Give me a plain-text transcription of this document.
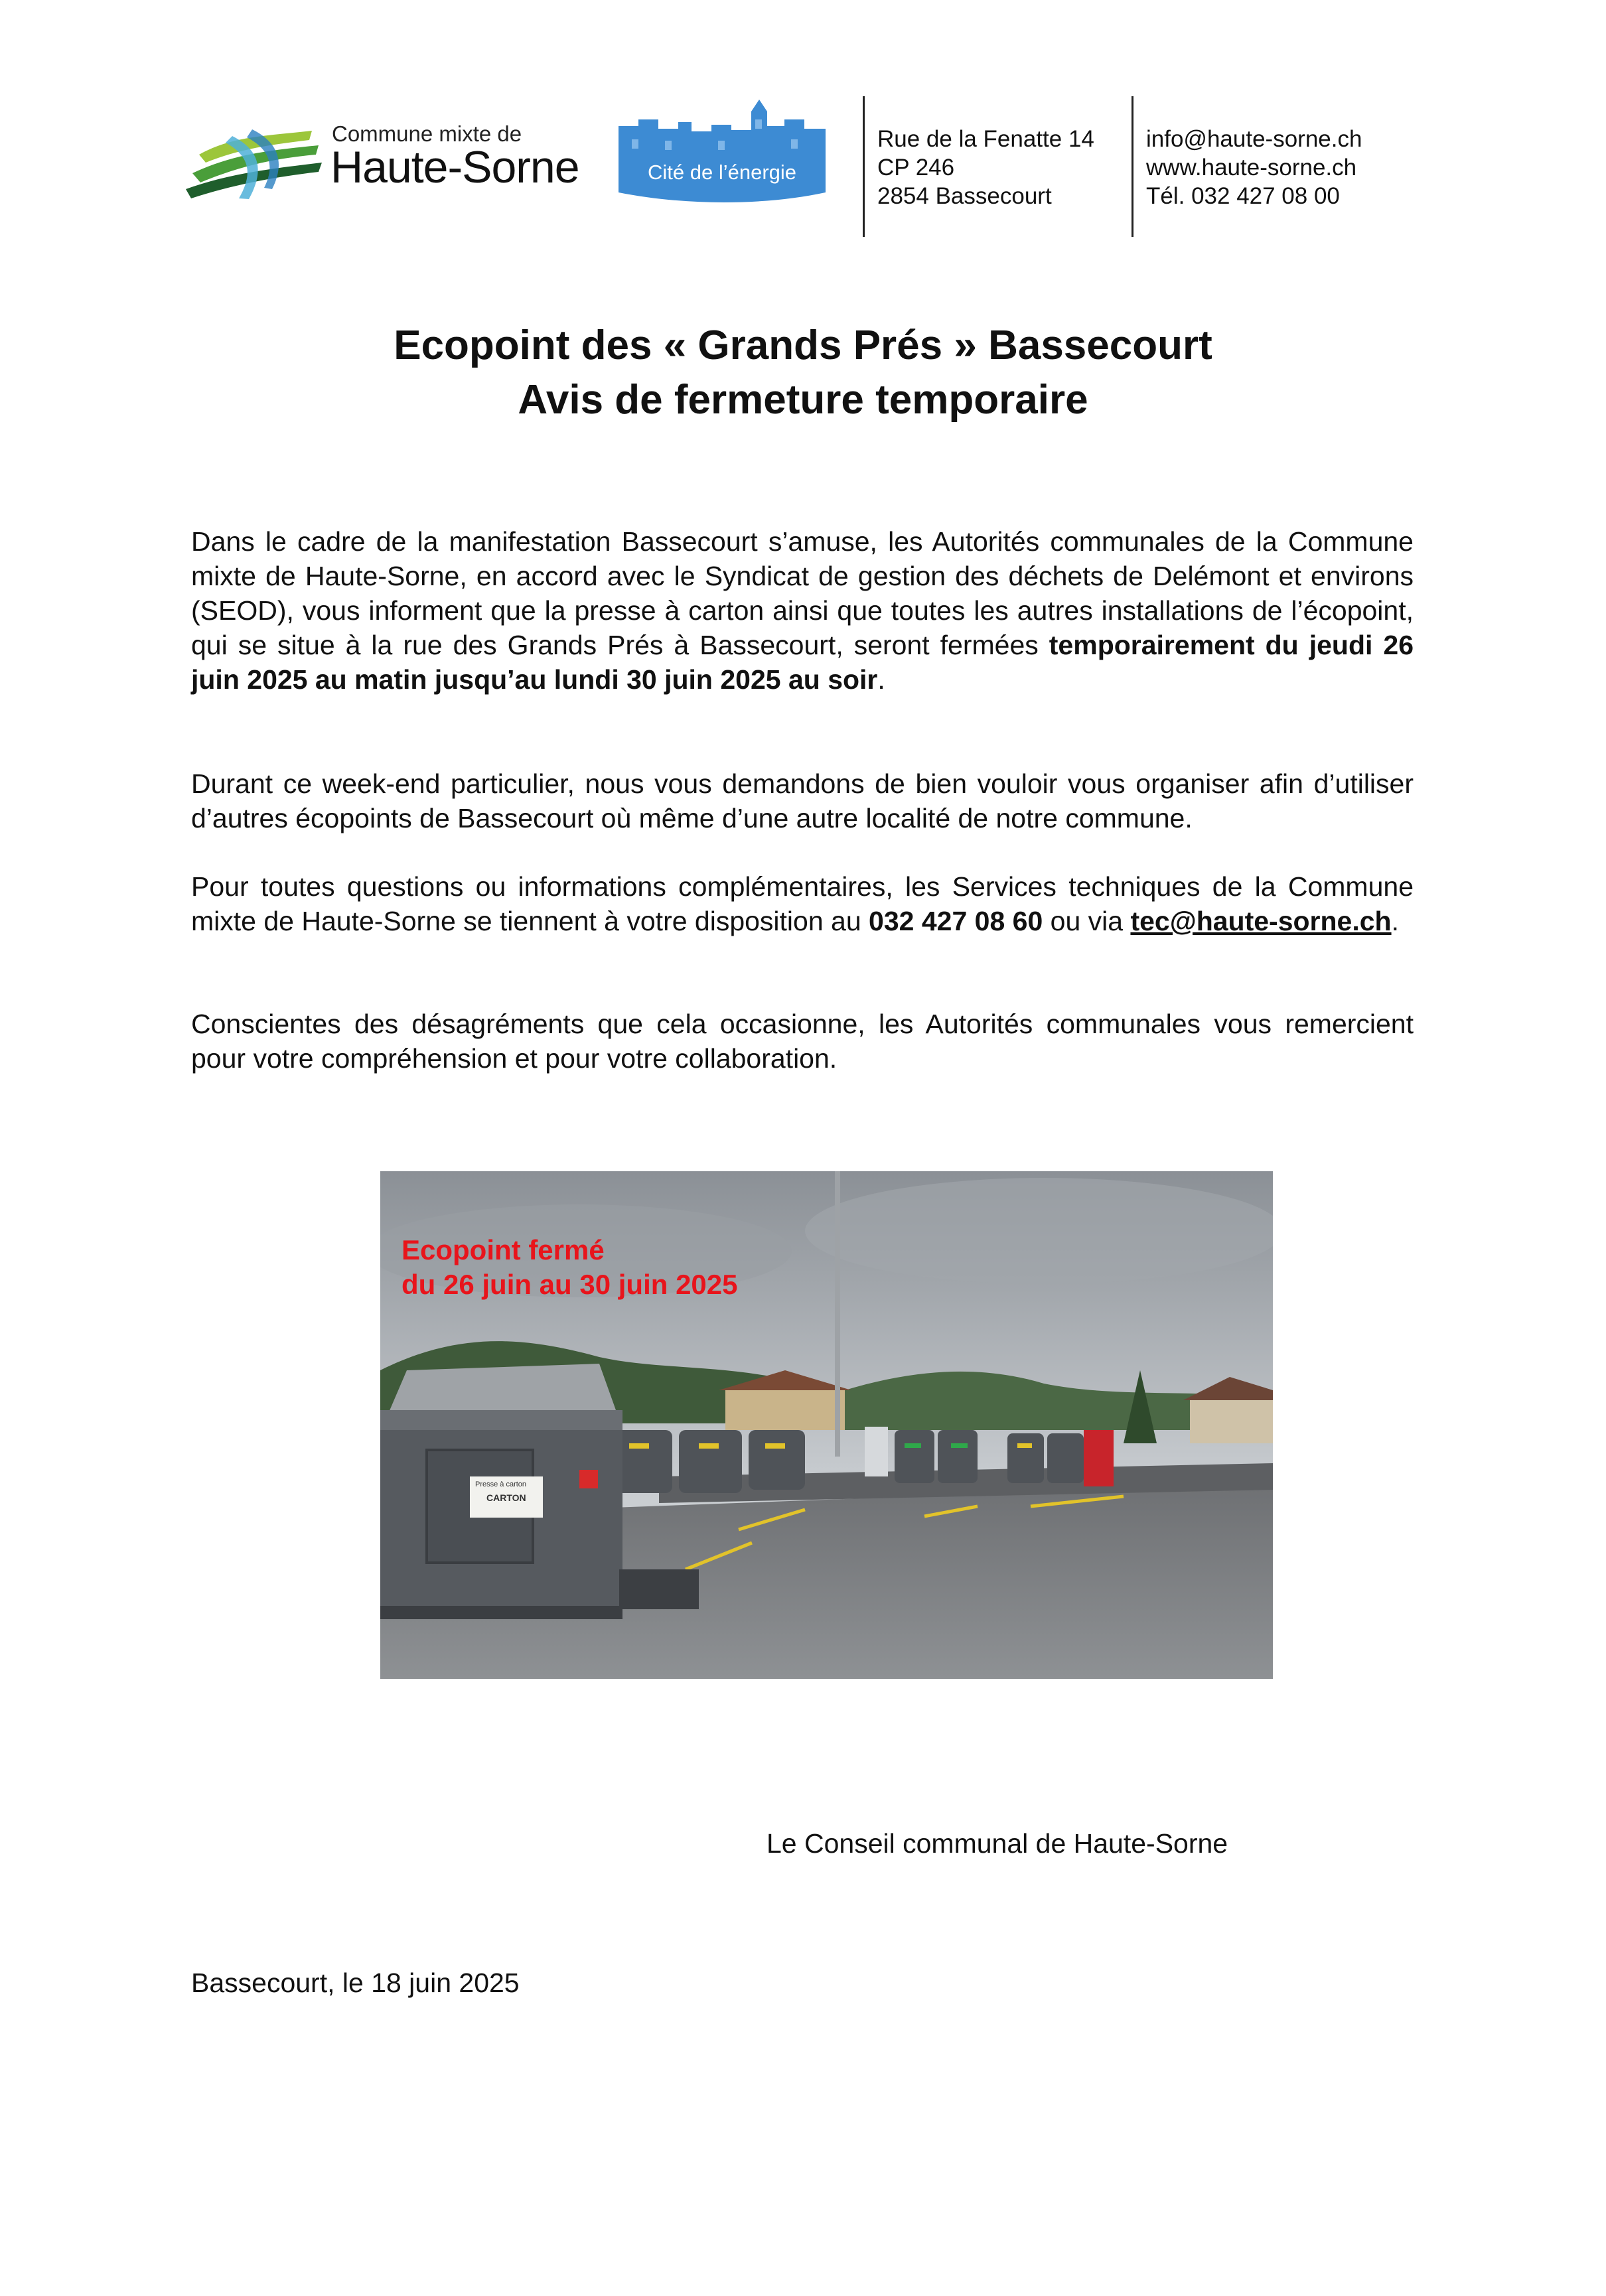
Commune mixte de
Haute-Sorne	Cité de l’énergie
Rue de la Fenatte 14
CP 246
2854 Bassecourt
info@haute-sorne.ch
www.haute-sorne.ch
Tél. 032 427 08 00
Ecopoint des « Grands Prés » Bassecourt
Avis de fermeture temporaire
Dans le cadre de la manifestation Bassecourt s’amuse, les Autorités communales de la Commune mixte de Haute-Sorne, en accord avec le Syndicat de gestion des déchets de Delémont et environs (SEOD), vous informent que la presse à carton ainsi que toutes les autres installations de l’écopoint, qui se situe à la rue des Grands Prés à Bassecourt, seront fermées temporairement du jeudi 26 juin 2025 au matin jusqu’au lundi 30 juin 2025 au soir.
Durant ce week-end particulier, nous vous demandons de bien vouloir vous organiser afin d’utiliser d’autres écopoints de Bassecourt où même d’une autre localité de notre commune.
Pour toutes questions ou informations complémentaires, les Services techniques de la Commune mixte de Haute-Sorne se tiennent à votre disposition au 032 427 08 60 ou via tec@haute-sorne.ch.
Conscientes des désagréments que cela occasionne, les Autorités communales vous remercient pour votre compréhension et pour votre collaboration.
Presse à carton
CARTON
Ecopoint fermé
du 26 juin au 30 juin 2025
Le Conseil communal de Haute-Sorne
Bassecourt, le 18 juin 2025
